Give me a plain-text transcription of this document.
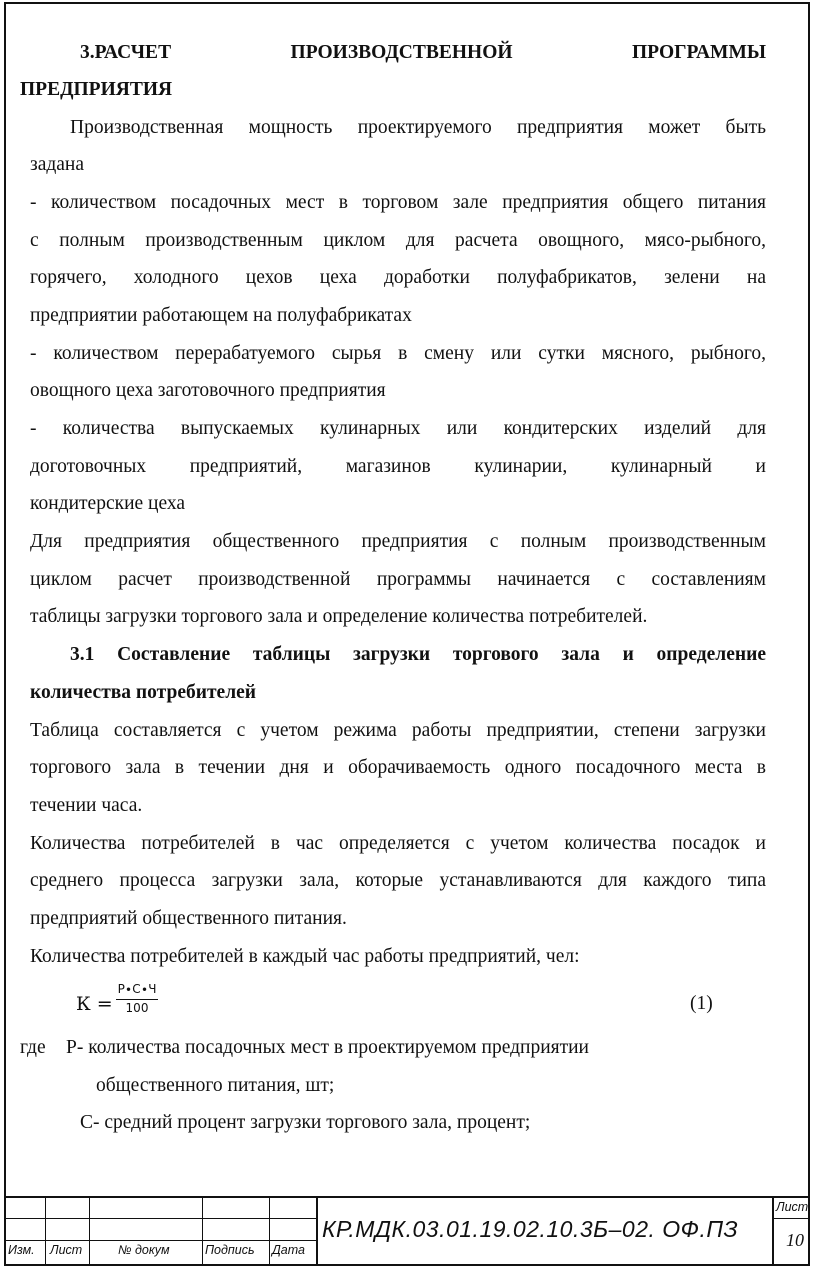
3.РАСЧЕТ	ПРОИЗВОДСТВЕННОЙ	ПРОГРАММЫ
ПРЕДПРИЯТИЯ
Производственная мощность проектируемого предприятия может быть
задана
- количеством посадочных мест в торговом зале предприятия общего питания
с полным производственным циклом для расчета овощного, мясо-рыбного,
горячего, холодного цехов цеха доработки полуфабрикатов, зелени на
предприятии работающем на полуфабрикатах
- количеством перерабатуемого сырья в смену или сутки мясного, рыбного,
овощного цеха заготовочного предприятия
- количества выпускаемых кулинарных или кондитерских изделий для
доготовочных предприятий, магазинов кулинарии, кулинарный и
кондитерские цеха
Для предприятия общественного предприятия с полным производственным
циклом расчет производственной программы начинается с составлениям
таблицы загрузки торгового зала и определение количества потребителей.
3.1 Составление таблицы загрузки торгового зала и определение
количества потребителей
Таблица составляется с учетом режима работы предприятии, степени загрузки
торгового зала в течении дня и оборачиваемость одного посадочного места в
течении часа.
Количества потребителей в час определяется с учетом количества посадок и
среднего процесса загрузки зала, которые устанавливаются для каждого типа
предприятий общественного питания.
Количества потребителей в каждый час работы предприятий, чел:
К =
Р∙С∙Ч
100	(1)
где Р- количества посадочных мест в проектируемом предприятии
общественного питания, шт;
С- средний процент загрузки торгового зала, процент;
Изм. Лист	№ докум	Подпись Дата
КР.МДК.03.01.19.02.10.3Б–02. ОФ.ПЗ
Лист
10
